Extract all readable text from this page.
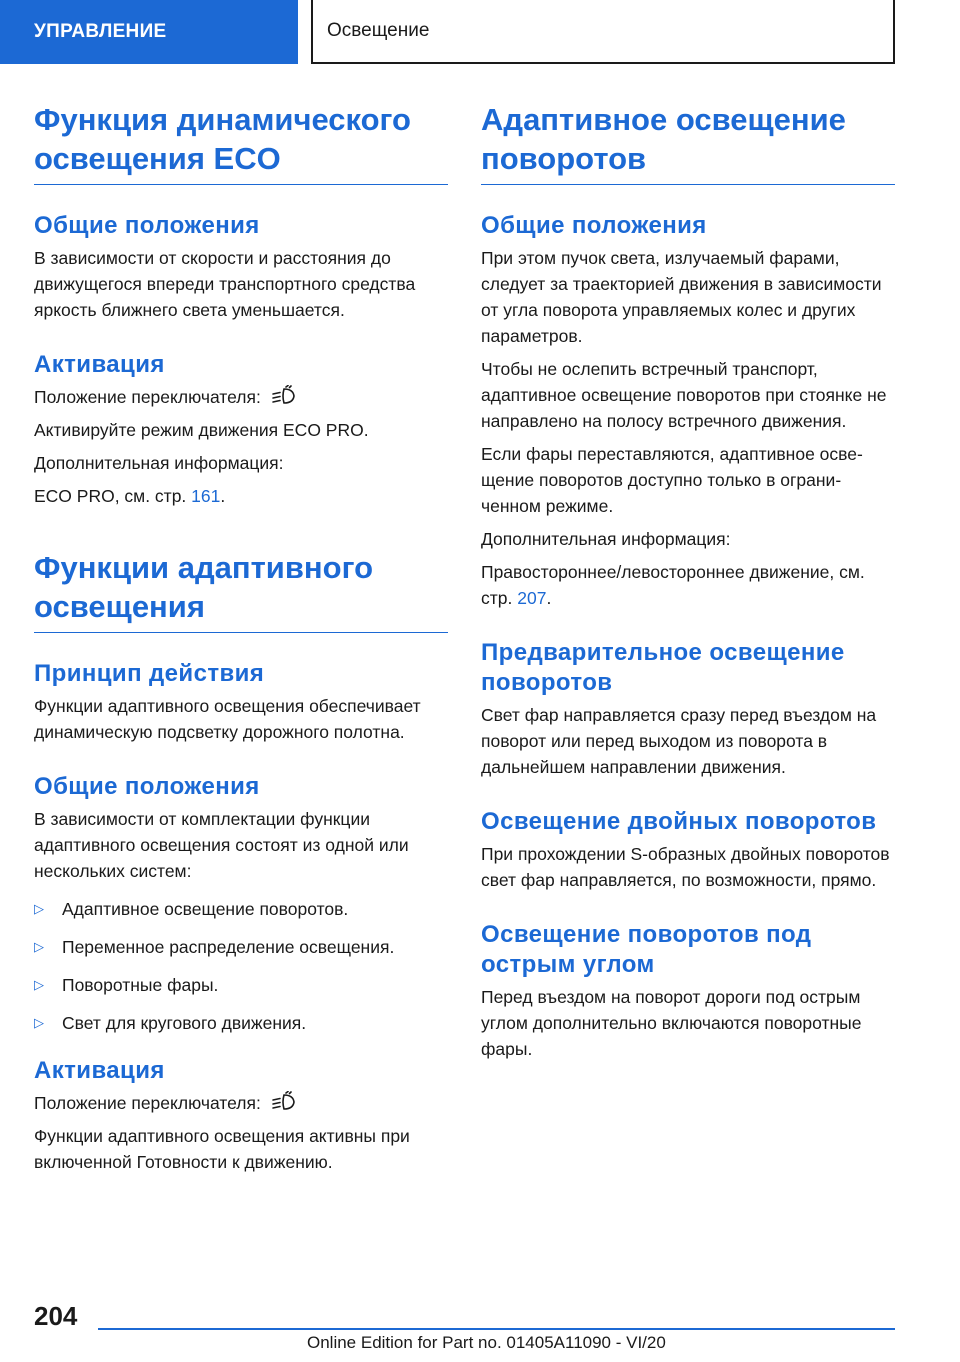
УПРАВЛЕНИЕ	Освещение
Функция динамического освещения ECO
Общие положения

В зависимости от скорости и расстояния до движущегося впереди транспортного средства яркость ближнего света уменьшается.

Активация

Положение переключателя:

Активируйте режим движения ECO PRO.

Дополнительная информация:

ECO PRO, см. стр. 161.

Функции адаптивного освещения
Принцип действия

Функции адаптивного освещения обеспечивает динамическую подсветку дорожного полотна.

Общие положения

В зависимости от комплектации функции адаптивного освещения состоят из одной или нескольких систем:

▷	Адаптивное освещение поворотов.
▷	Переменное распределение освещения.
▷	Поворотные фары.
▷	Свет для кругового движения.
Активация

Положение переключателя:

Функции адаптивного освещения активны при включенной Готовности к движению.

Адаптивное освещение поворотов
Общие положения

При этом пучок света, излучаемый фарами, следует за траекторией движения в зависимости от угла поворота управляемых колес и других параметров.

Чтобы не ослепить встречный транспорт, адаптивное освещение поворотов при стоянке не направлено на полосу встречного движения.

Если фары переставляются, адаптивное освещение поворотов доступно только в ограниченном режиме.

Дополнительная информация:

Правостороннее/левостороннее движение, см. стр. 207.

Предварительное освещение поворотов

Свет фар направляется сразу перед въездом на поворот или перед выходом из поворота в дальнейшем направлении движения.

Освещение двойных поворотов

При прохождении S-образных двойных поворотов свет фар направляется, по возможности, прямо.

Освещение поворотов под острым углом

Перед въездом на поворот дороги под острым углом дополнительно включаются поворотные фары.

204
Online Edition for Part no. 01405A11090 - VI/20
